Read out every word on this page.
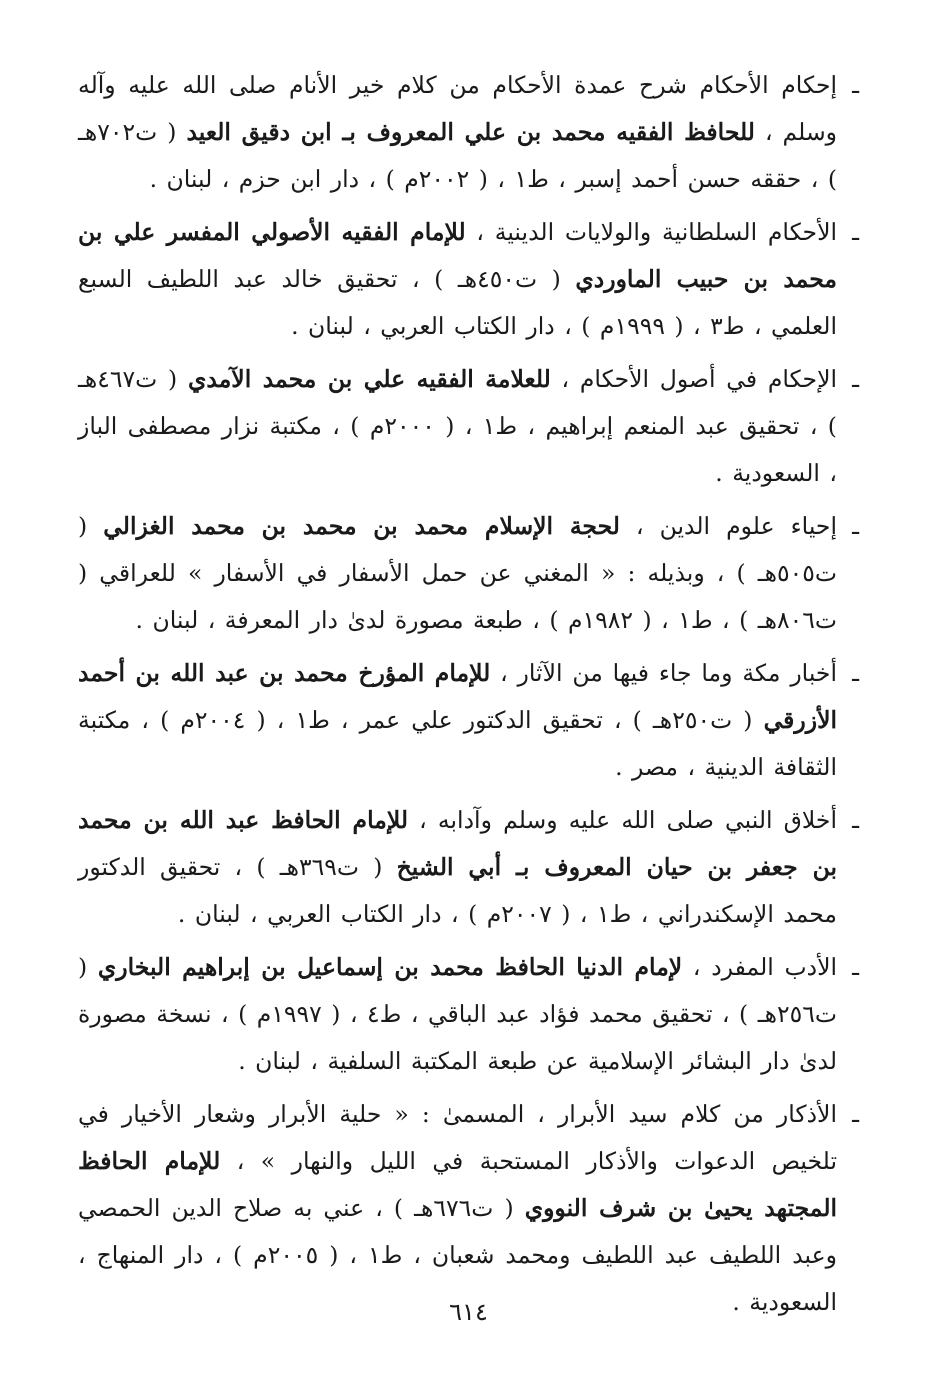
ـ
إحكام الأحكام شرح عمدة الأحكام من كلام خير الأنام صلى الله عليه وآله وسلم ، للحافظ الفقيه محمد بن علي المعروف بـ ابن دقيق العيد ( ت٧٠٢هـ ) ، حققه حسن أحمد إسبر ، ط١ ، ( ٢٠٠٢م ) ، دار ابن حزم ، لبنان .
ـ
الأحكام السلطانية والولايات الدينية ، للإمام الفقيه الأصولي المفسر علي بن محمد بن حبيب الماوردي ( ت٤٥٠هـ ) ، تحقيق خالد عبد اللطيف السبع العلمي ، ط٣ ، ( ١٩٩٩م ) ، دار الكتاب العربي ، لبنان .
ـ
الإحكام في أصول الأحكام ، للعلامة الفقيه علي بن محمد الآمدي ( ت٤٦٧هـ ) ، تحقيق عبد المنعم إبراهيم ، ط١ ، ( ٢٠٠٠م ) ، مكتبة نزار مصطفى الباز ، السعودية .
ـ
إحياء علوم الدين ، لحجة الإسلام محمد بن محمد بن محمد الغزالي ( ت٥٠٥هـ ) ، وبذيله : « المغني عن حمل الأسفار في الأسفار » للعراقي ( ت٨٠٦هـ ) ، ط١ ، ( ١٩٨٢م ) ، طبعة مصورة لدىٰ دار المعرفة ، لبنان .
ـ
أخبار مكة وما جاء فيها من الآثار ، للإمام المؤرخ محمد بن عبد الله بن أحمد الأزرقي ( ت٢٥٠هـ ) ، تحقيق الدكتور علي عمر ، ط١ ، ( ٢٠٠٤م ) ، مكتبة الثقافة الدينية ، مصر .
ـ
أخلاق النبي صلى الله عليه وسلم وآدابه ، للإمام الحافظ عبد الله بن محمد بن جعفر بن حيان المعروف بـ أبي الشيخ ( ت٣٦٩هـ ) ، تحقيق الدكتور محمد الإسكندراني ، ط١ ، ( ٢٠٠٧م ) ، دار الكتاب العربي ، لبنان .
ـ
الأدب المفرد ، لإمام الدنيا الحافظ محمد بن إسماعيل بن إبراهيم البخاري ( ت٢٥٦هـ ) ، تحقيق محمد فؤاد عبد الباقي ، ط٤ ، ( ١٩٩٧م ) ، نسخة مصورة لدىٰ دار البشائر الإسلامية عن طبعة المكتبة السلفية ، لبنان .
ـ
الأذكار من كلام سيد الأبرار ، المسمىٰ : « حلية الأبرار وشعار الأخيار في تلخيص الدعوات والأذكار المستحبة في الليل والنهار » ، للإمام الحافظ المجتهد يحيىٰ بن شرف النووي ( ت٦٧٦هـ ) ، عني به صلاح الدين الحمصي وعبد اللطيف عبد اللطيف ومحمد شعبان ، ط١ ، ( ٢٠٠٥م ) ، دار المنهاج ، السعودية .
٦١٤
